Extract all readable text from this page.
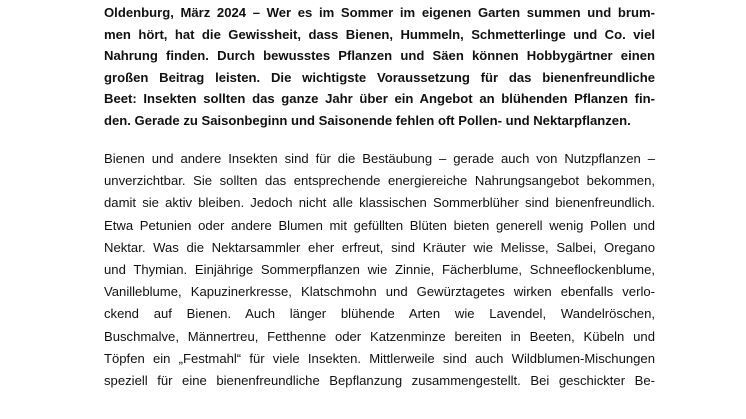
Oldenburg, März 2024 – Wer es im Sommer im eigenen Garten summen und brum-
men hört, hat die Gewissheit, dass Bienen, Hummeln, Schmetterlinge und Co. viel
Nahrung finden. Durch bewusstes Pflanzen und Säen können Hobbygärtner einen
großen Beitrag leisten. Die wichtigste Voraussetzung für das bienenfreundliche
Beet: Insekten sollten das ganze Jahr über ein Angebot an blühenden Pflanzen fin-
den. Gerade zu Saisonbeginn und Saisonende fehlen oft Pollen- und Nektarpflanzen.
Bienen und andere Insekten sind für die Bestäubung – gerade auch von Nutzpflanzen –
unverzichtbar. Sie sollten das entsprechende energiereiche Nahrungsangebot bekommen,
damit sie aktiv bleiben. Jedoch nicht alle klassischen Sommerblüher sind bienenfreundlich.
Etwa Petunien oder andere Blumen mit gefüllten Blüten bieten generell wenig Pollen und
Nektar. Was die Nektarsammler eher erfreut, sind Kräuter wie Melisse, Salbei, Oregano
und Thymian. Einjährige Sommerpflanzen wie Zinnie, Fächerblume, Schneeflockenblume,
Vanilleblume, Kapuzinerkresse, Klatschmohn und Gewürztagetes wirken ebenfalls verlo-
ckend auf Bienen. Auch länger blühende Arten wie Lavendel, Wandelröschen,
Buschmalve, Männertreu, Fetthenne oder Katzenminze bereiten in Beeten, Kübeln und
Töpfen ein „Festmahl“ für viele Insekten. Mittlerweile sind auch Wildblumen-Mischungen
speziell für eine bienenfreundliche Bepflanzung zusammengestellt. Bei geschickter Be-
